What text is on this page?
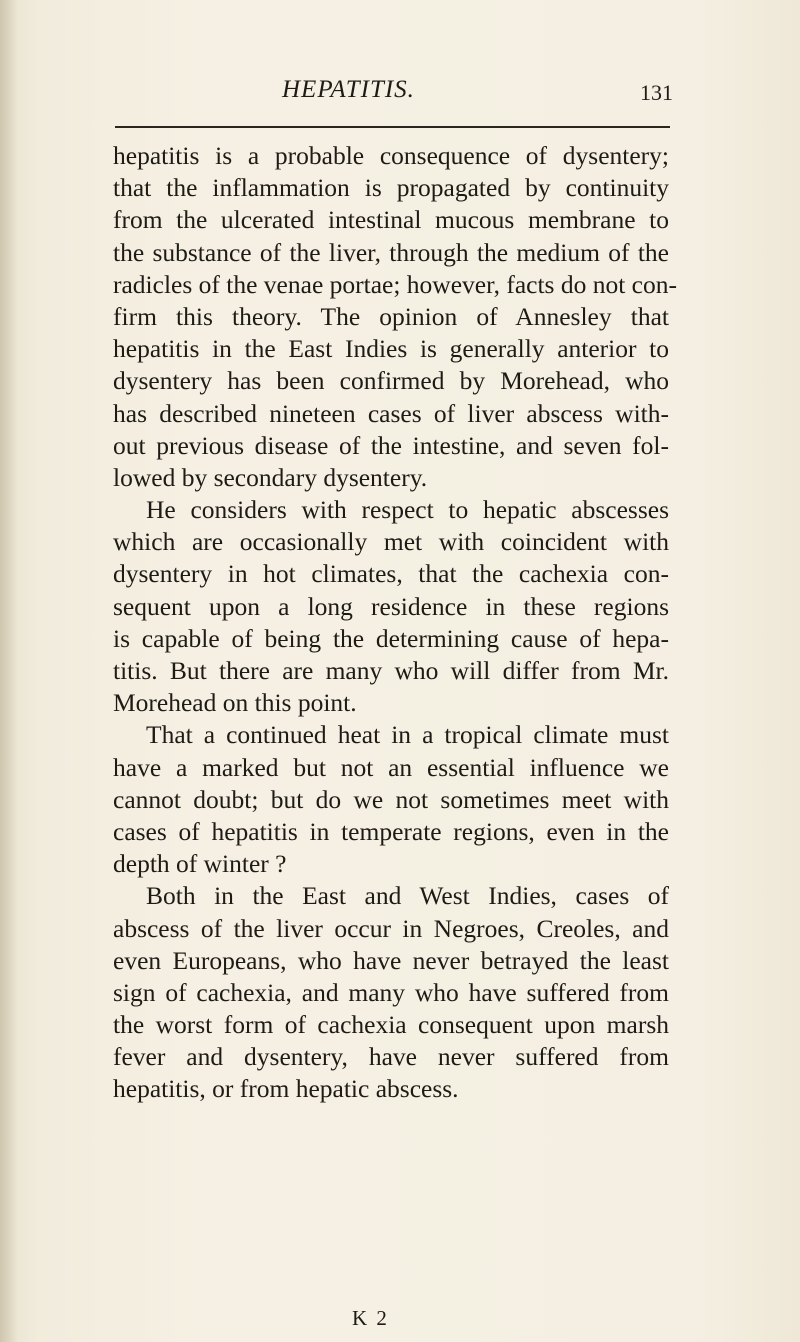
HEPATITIS.	131
hepatitis is a probable consequence of dysentery;
that the inflammation is propagated by continuity
from the ulcerated intestinal mucous membrane to
the substance of the liver, through the medium of the
radicles of the venae portae; however, facts do not con-
firm this theory. The opinion of Annesley that
hepatitis in the East Indies is generally anterior to
dysentery has been confirmed by Morehead, who
has described nineteen cases of liver abscess with-
out previous disease of the intestine, and seven fol-
lowed by secondary dysentery.
He considers with respect to hepatic abscesses
which are occasionally met with coincident with
dysentery in hot climates, that the cachexia con-
sequent upon a long residence in these regions
is capable of being the determining cause of hepa-
titis. But there are many who will differ from Mr.
Morehead on this point.
That a continued heat in a tropical climate must
have a marked but not an essential influence we
cannot doubt; but do we not sometimes meet with
cases of hepatitis in temperate regions, even in the
depth of winter ?
Both in the East and West Indies, cases of
abscess of the liver occur in Negroes, Creoles, and
even Europeans, who have never betrayed the least
sign of cachexia, and many who have suffered from
the worst form of cachexia consequent upon marsh
fever and dysentery, have never suffered from
hepatitis, or from hepatic abscess.
K 2
